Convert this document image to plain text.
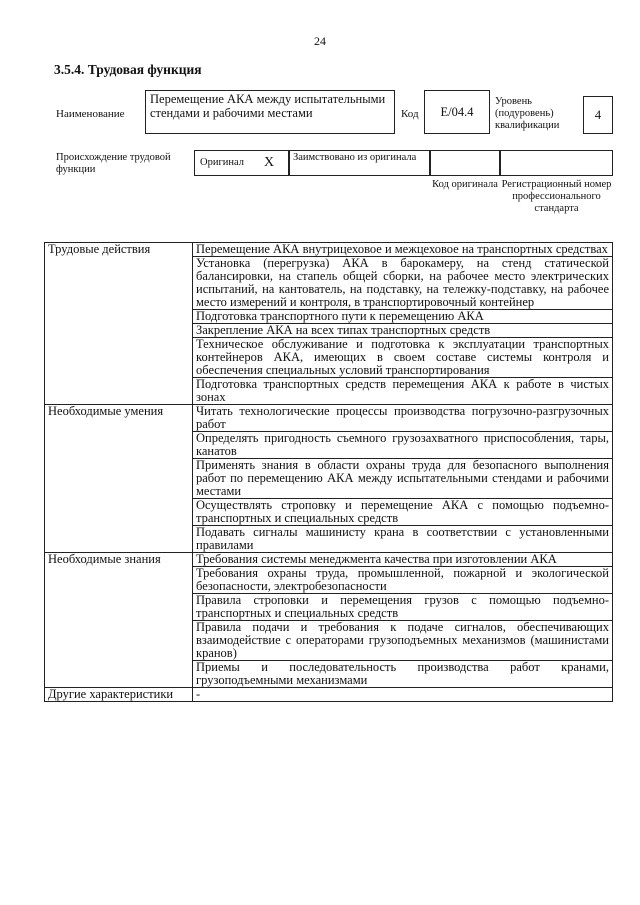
24
3.5.4. Трудовая функция
Наименование
Перемещение АКА между испытательными стендами и рабочими местами	Код	E/04.4
Уровень (подуровень) квалификации
4
Происхождение трудовой функции
Оригинал X	Заимствовано из оригинала
Код оригинала Регистрационный номер профессионального стандарта
Трудовые действия	Перемещение АКА внутрицеховое и межцеховое на транспортных средствах
	Установка (перегрузка) АКА в барокамеру, на стенд статической балансировки, на стапель общей сборки, на рабочее место электрических испытаний, на кантователь, на подставку, на тележку-подставку, на рабочее место измерений и контроля, в транспортировочный контейнер
	Подготовка транспортного пути к перемещению АКА
	Закрепление АКА на всех типах транспортных средств
	Техническое обслуживание и подготовка к эксплуатации транспортных контейнеров АКА, имеющих в своем составе системы контроля и обеспечения специальных условий транспортирования
	Подготовка транспортных средств перемещения АКА к работе в чистых зонах
Необходимые умения	Читать технологические процессы производства погрузочно-разгрузочных работ
	Определять пригодность съемного грузозахватного приспособления, тары, канатов
	Применять знания в области охраны труда для безопасного выполнения работ по перемещению АКА между испытательными стендами и рабочими местами
	Осуществлять строповку и перемещение АКА с помощью подъемно-транспортных и специальных средств
	Подавать сигналы машинисту крана в соответствии с установленными правилами
Необходимые знания	Требования системы менеджмента качества при изготовлении АКА
	Требования охраны труда, промышленной, пожарной и экологической безопасности, электробезопасности
	Правила строповки и перемещения грузов с помощью подъемно-транспортных и специальных средств
	Правила подачи и требования к подаче сигналов, обеспечивающих взаимодействие с операторами грузоподъемных механизмов (машинистами кранов)
	Приемы и последовательность производства работ кранами, грузоподъемными механизмами
Другие характеристики	-
